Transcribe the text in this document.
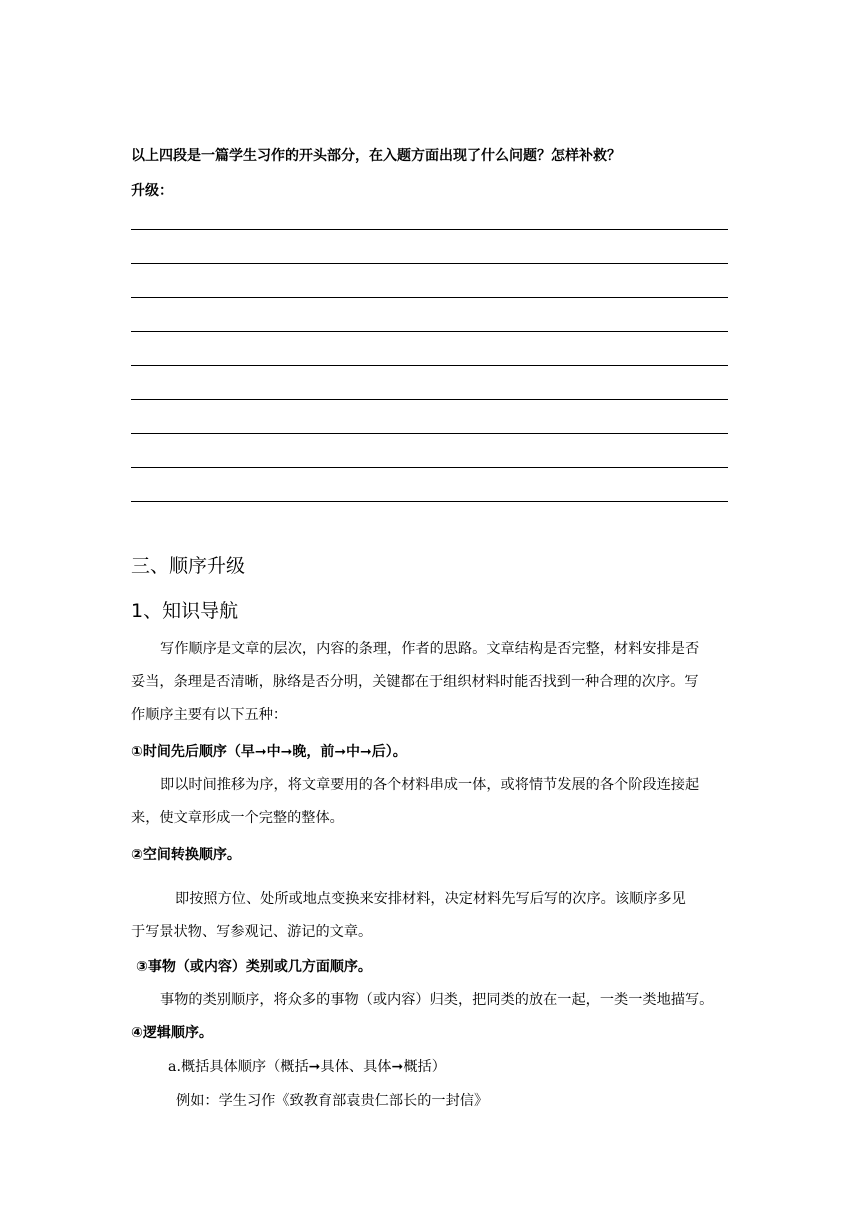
以上四段是一篇学生习作的开头部分，在入题方面出现了什么问题？怎样补救？

升级：

三、顺序升级

1、知识导航

写作顺序是文章的层次，内容的条理，作者的思路。文章结构是否完整，材料安排是否

妥当，条理是否清晰，脉络是否分明，关键都在于组织材料时能否找到一种合理的次序。写

作顺序主要有以下五种：

①时间先后顺序（早➞中➞晚，前➞中➞后）。

即以时间推移为序，将文章要用的各个材料串成一体，或将情节发展的各个阶段连接起

来，使文章形成一个完整的整体。

②空间转换顺序。

即按照方位、处所或地点变换来安排材料，决定材料先写后写的次序。该顺序多见

于写景状物、写参观记、游记的文章。

③事物（或内容）类别或几方面顺序。

事物的类别顺序，将众多的事物（或内容）归类，把同类的放在一起，一类一类地描写。

④逻辑顺序。

a.概括具体顺序（概括➞具体、具体➞概括）

例如：学生习作《致教育部袁贵仁部长的一封信》
